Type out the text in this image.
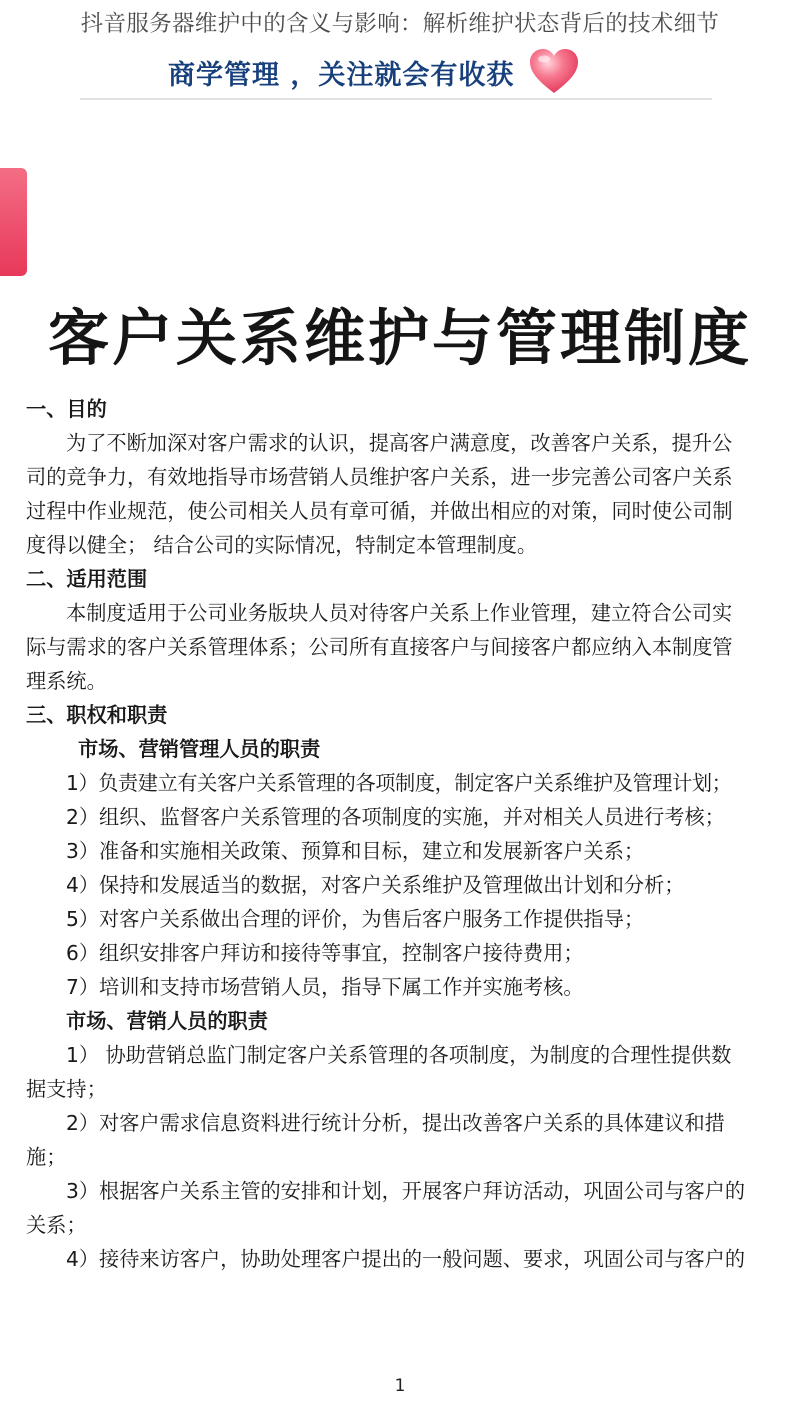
抖音服务器维护中的含义与影响：解析维护状态背后的技术细节
商学管理 ，关注就会有收获
客户关系维护与管理制度
一、目的
为了不断加深对客户需求的认识，提高客户满意度，改善客户关系，提升公
司的竞争力，有效地指导市场营销人员维护客户关系，进一步完善公司客户关系
过程中作业规范，使公司相关人员有章可循，并做出相应的对策，同时使公司制
度得以健全； 结合公司的实际情况，特制定本管理制度。
二、适用范围
本制度适用于公司业务版块人员对待客户关系上作业管理，建立符合公司实
际与需求的客户关系管理体系；公司所有直接客户与间接客户都应纳入本制度管
理系统。
三、职权和职责
市场、营销管理人员的职责
1）负责建立有关客户关系管理的各项制度，制定客户关系维护及管理计划；
2）组织、监督客户关系管理的各项制度的实施，并对相关人员进行考核；
3）准备和实施相关政策、预算和目标，建立和发展新客户关系；
4）保持和发展适当的数据，对客户关系维护及管理做出计划和分析；
5）对客户关系做出合理的评价，为售后客户服务工作提供指导；
6）组织安排客户拜访和接待等事宜，控制客户接待费用；
7）培训和支持市场营销人员，指导下属工作并实施考核。
市场、营销人员的职责
1） 协助营销总监门制定客户关系管理的各项制度，为制度的合理性提供数
据支持；
2）对客户需求信息资料进行统计分析，提出改善客户关系的具体建议和措
施；
3）根据客户关系主管的安排和计划，开展客户拜访活动，巩固公司与客户的
关系；
4）接待来访客户，协助处理客户提出的一般问题、要求，巩固公司与客户的
1
